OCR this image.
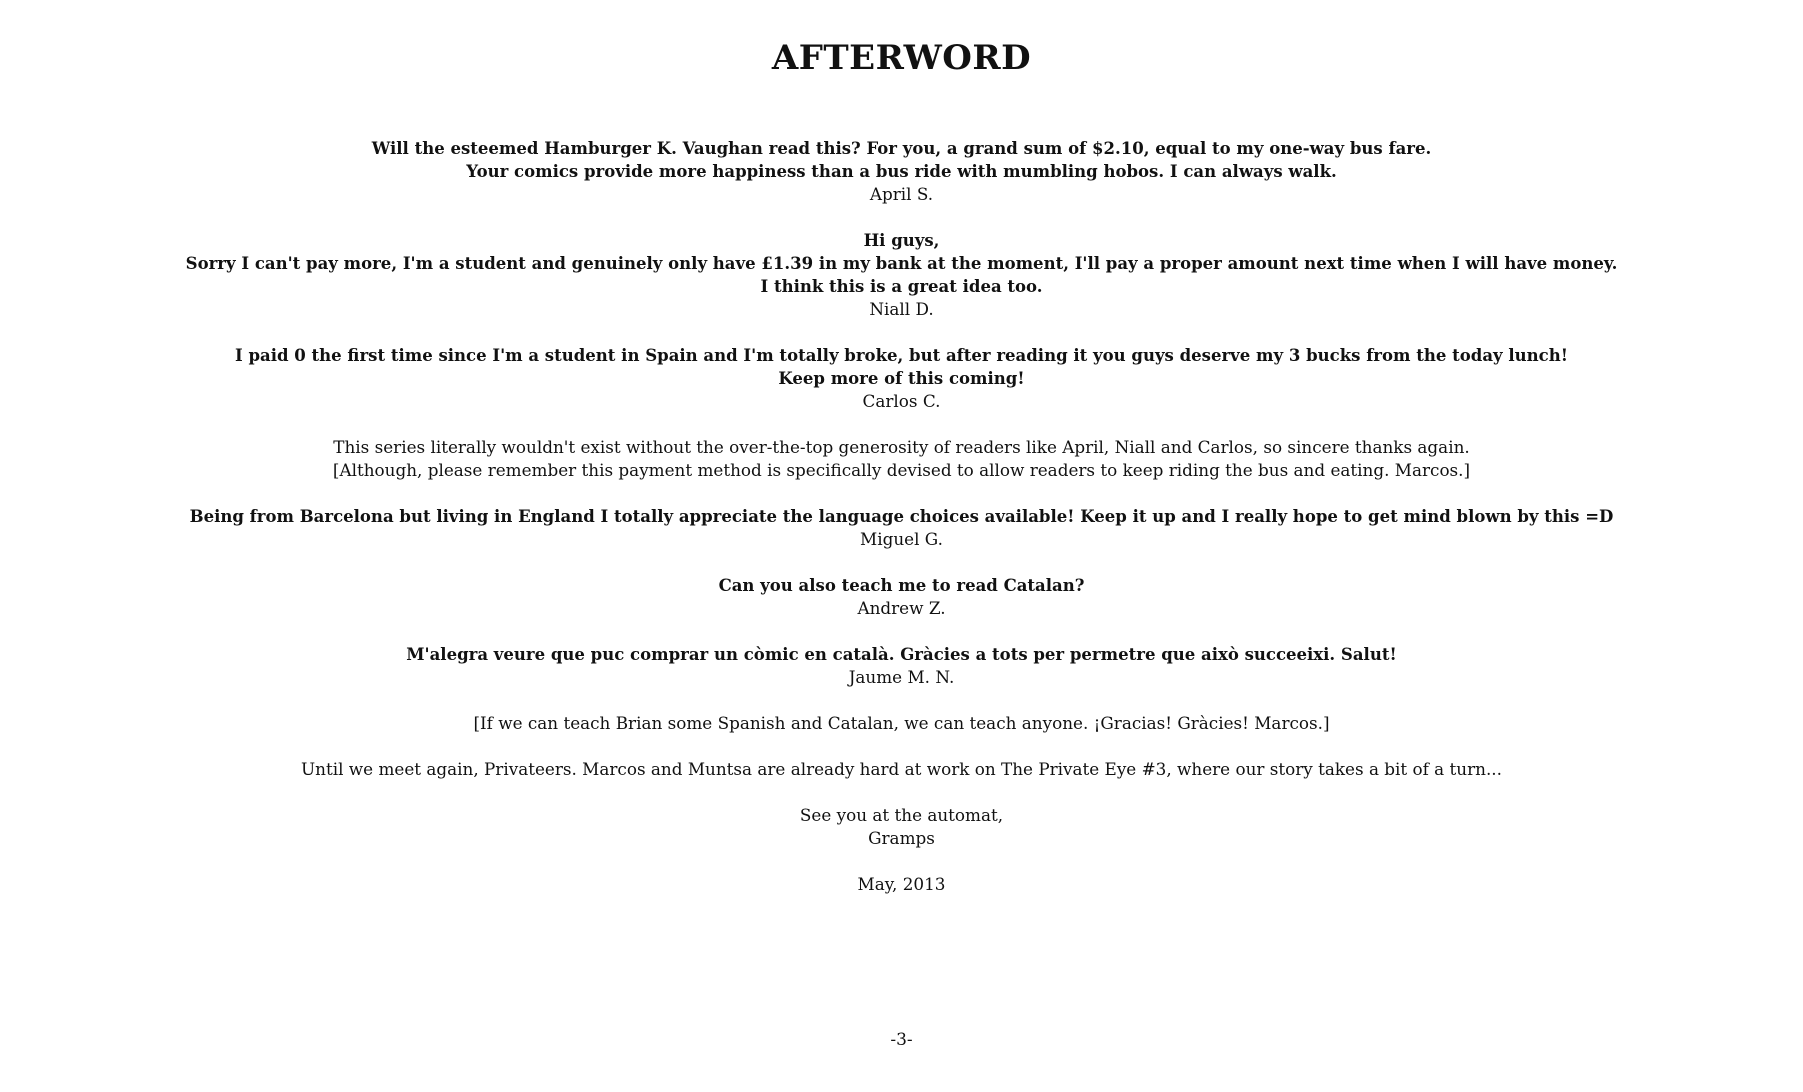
AFTERWORD

Will the esteemed Hamburger K. Vaughan read this? For you, a grand sum of $2.10, equal to my one-way bus fare.
Your comics provide more happiness than a bus ride with mumbling hobos. I can always walk.
April S.

Hi guys,
Sorry I can't pay more, I'm a student and genuinely only have £1.39 in my bank at the moment, I'll pay a proper amount next time when I will have money.
I think this is a great idea too.
Niall D.

I paid 0 the first time since I'm a student in Spain and I'm totally broke, but after reading it you guys deserve my 3 bucks from the today lunch!
Keep more of this coming!
Carlos C.

This series literally wouldn't exist without the over-the-top generosity of readers like April, Niall and Carlos, so sincere thanks again.
[Although, please remember this payment method is specifically devised to allow readers to keep riding the bus and eating. Marcos.]

Being from Barcelona but living in England I totally appreciate the language choices available! Keep it up and I really hope to get mind blown by this =D
Miguel G.

Can you also teach me to read Catalan?
Andrew Z.

M'alegra veure que puc comprar un còmic en català. Gràcies a tots per permetre que això succeeixi. Salut!
Jaume M. N.

[If we can teach Brian some Spanish and Catalan, we can teach anyone. ¡Gracias! Gràcies! Marcos.]

Until we meet again, Privateers. Marcos and Muntsa are already hard at work on The Private Eye #3, where our story takes a bit of a turn...

See you at the automat,
Gramps

May, 2013

-3-
